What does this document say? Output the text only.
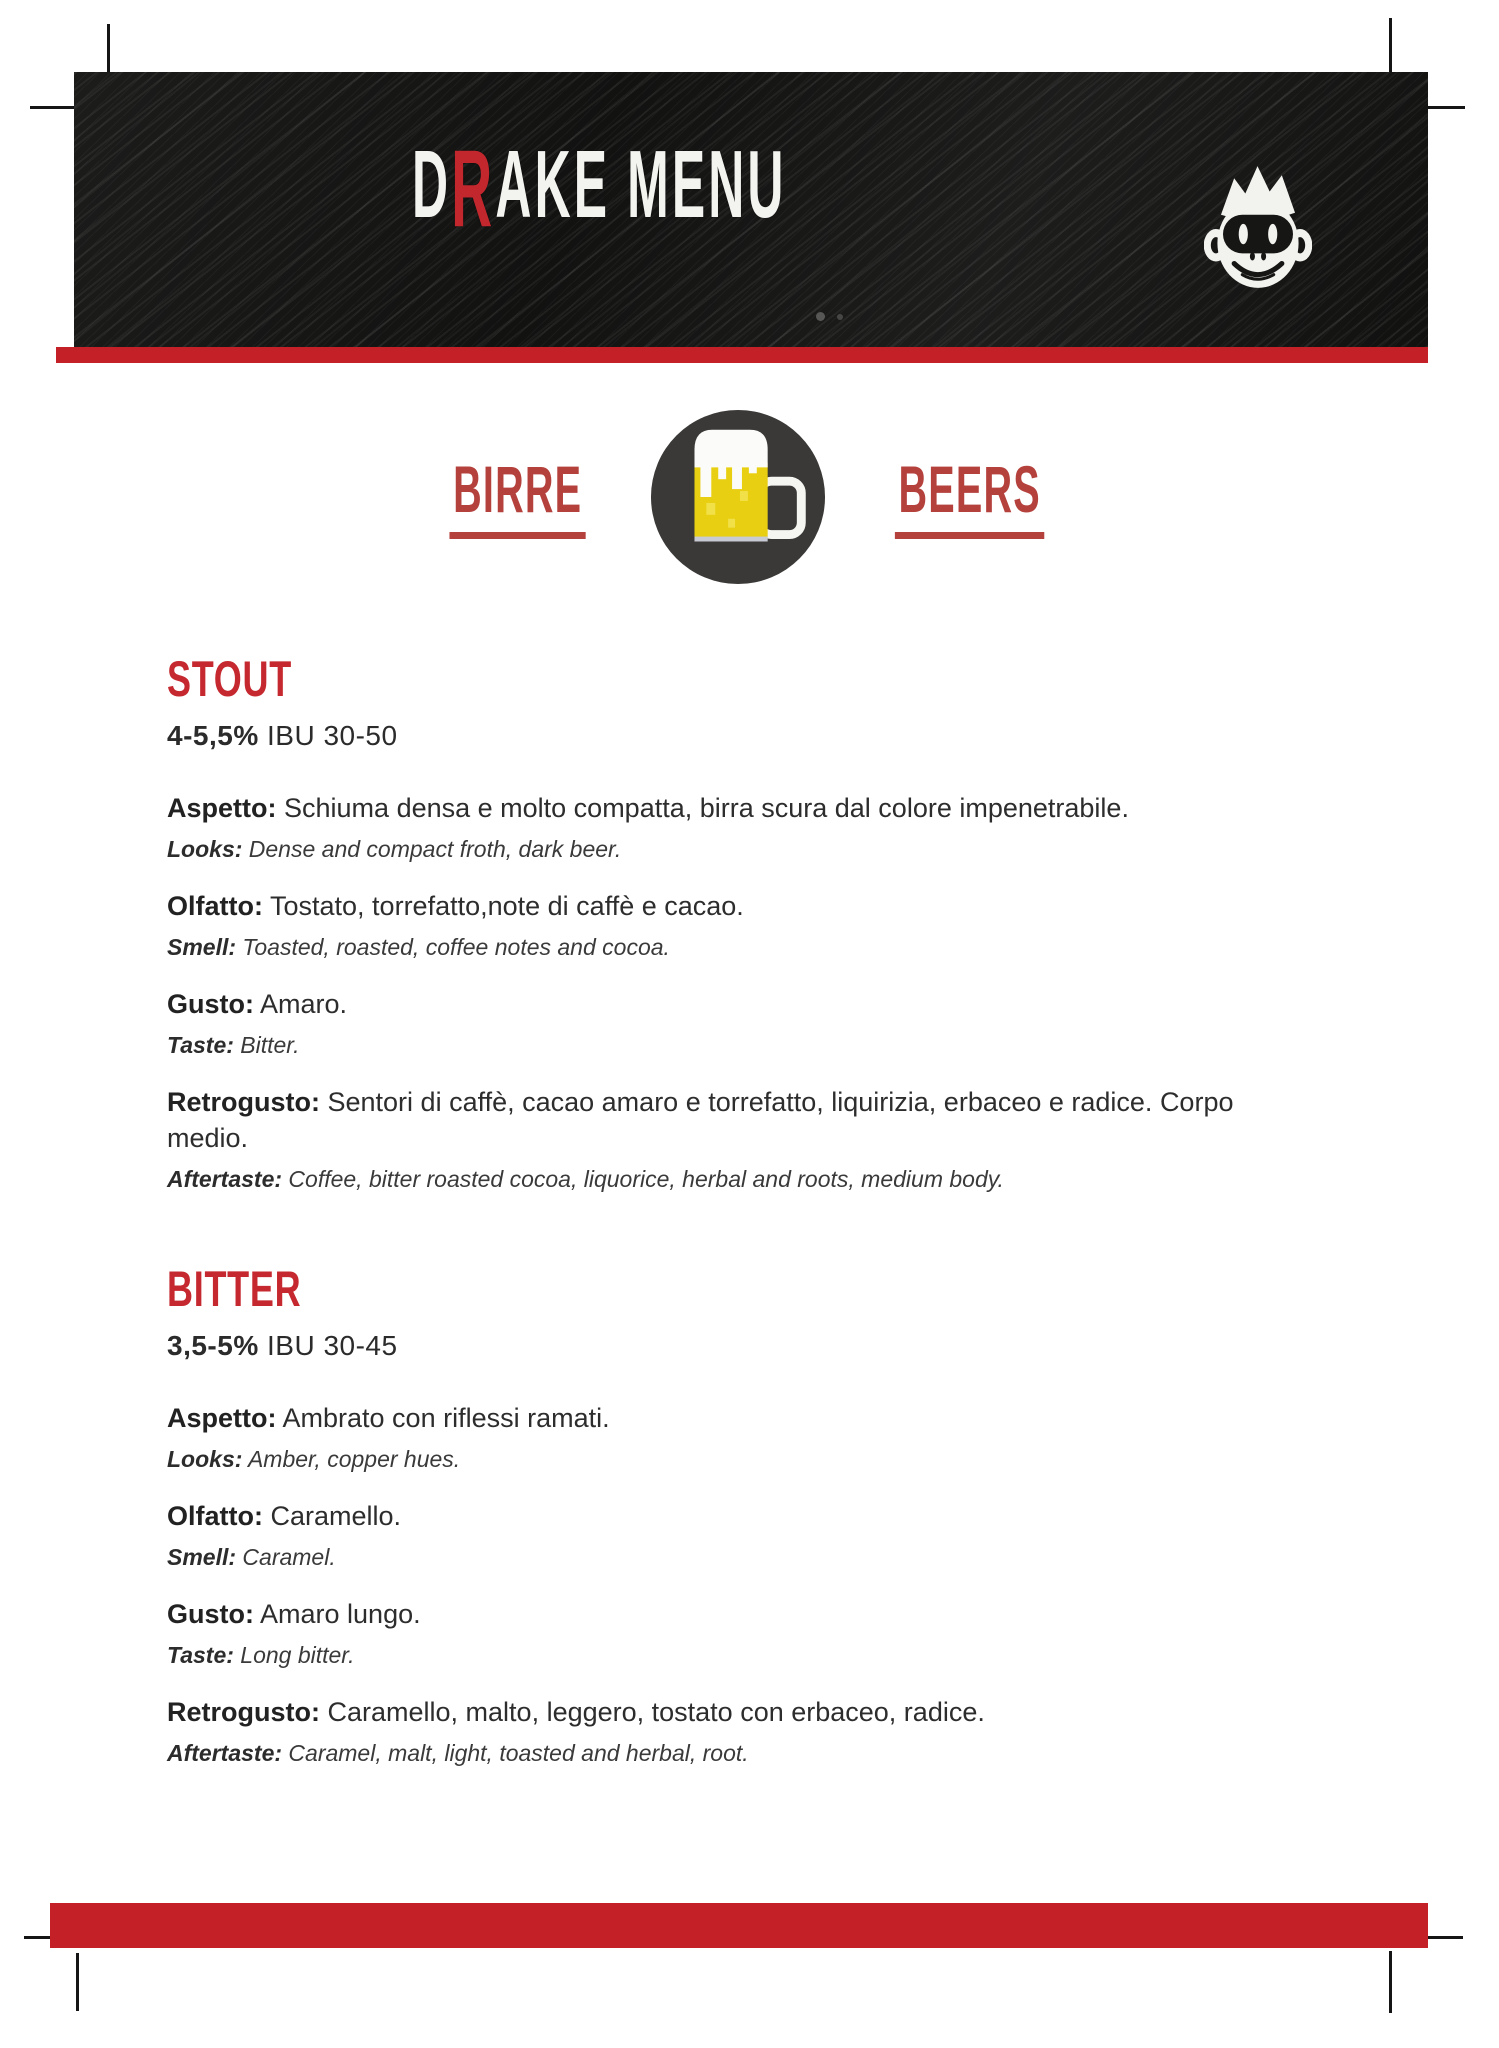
DRAKE MENU
BIRRE	BEERS
STOUT
4-5,5% IBU 30-50

Aspetto: Schiuma densa e molto compatta, birra scura dal colore impenetrabile.

Looks: Dense and compact froth, dark beer.

Olfatto: Tostato, torrefatto,note di caffè e cacao.

Smell: Toasted, roasted, coffee notes and cocoa.

Gusto: Amaro.

Taste: Bitter.

Retrogusto: Sentori di caffè, cacao amaro e torrefatto, liquirizia, erbaceo e radice. Corpo medio.

Aftertaste: Coffee, bitter roasted cocoa, liquorice, herbal and roots, medium body.

BITTER
3,5-5% IBU 30-45

Aspetto: Ambrato con riflessi ramati.

Looks: Amber, copper hues.

Olfatto: Caramello.

Smell: Caramel.

Gusto: Amaro lungo.

Taste: Long bitter.

Retrogusto: Caramello, malto, leggero, tostato con erbaceo, radice.

Aftertaste: Caramel, malt, light, toasted and herbal, root.
